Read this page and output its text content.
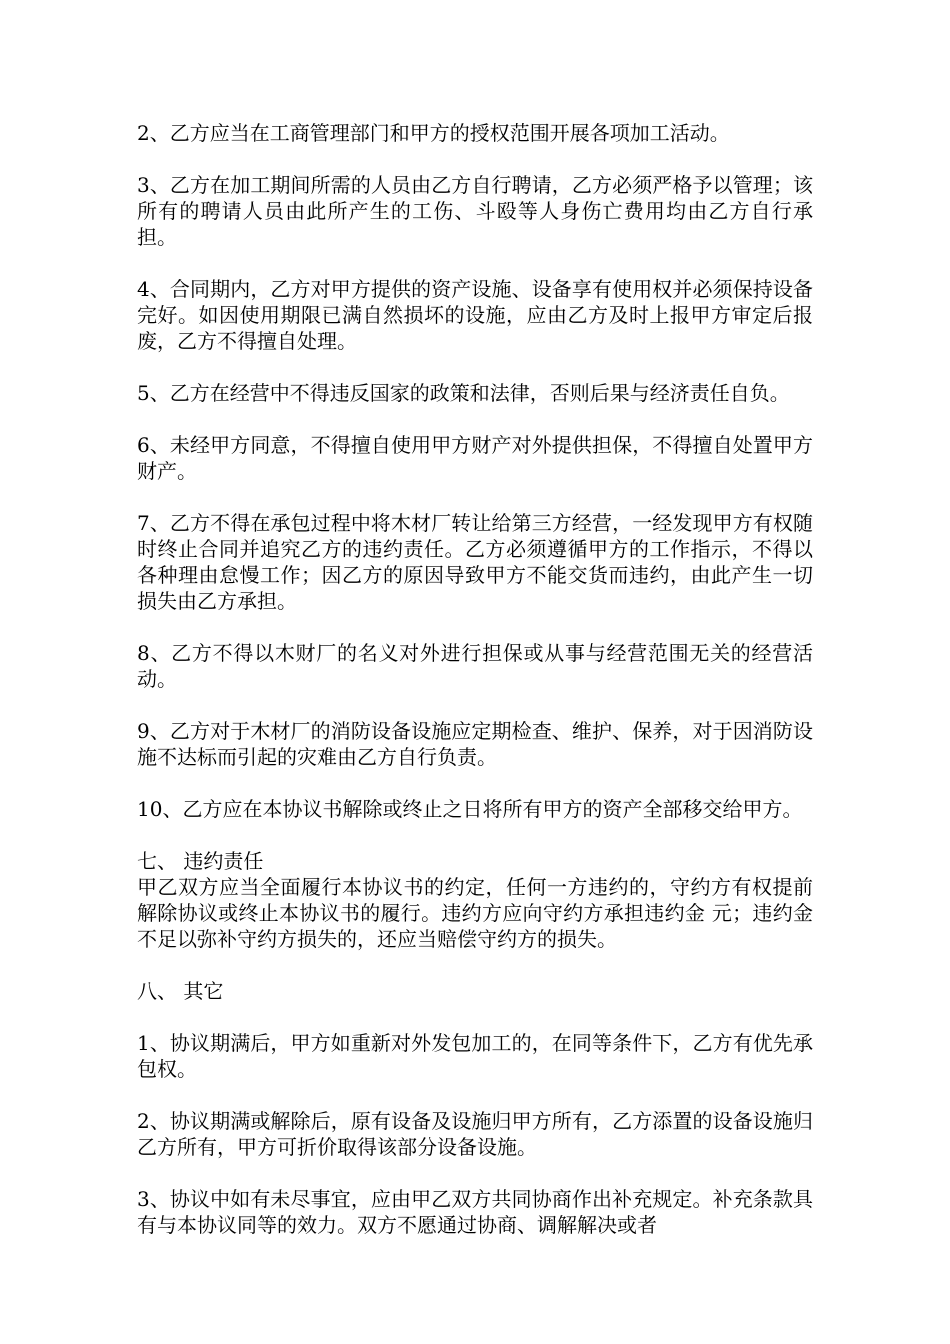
2、乙方应当在工商管理部门和甲方的授权范围开展各项加工活动。

3、乙方在加工期间所需的人员由乙方自行聘请，乙方必须严格予以管理；该所有的聘请人员由此所产生的工伤、斗殴等人身伤亡费用均由乙方自行承担。

4、合同期内，乙方对甲方提供的资产设施、设备享有使用权并必须保持设备完好。如因使用期限已满自然损坏的设施，应由乙方及时上报甲方审定后报废，乙方不得擅自处理。

5、乙方在经营中不得违反国家的政策和法律，否则后果与经济责任自负。

6、未经甲方同意，不得擅自使用甲方财产对外提供担保，不得擅自处置甲方财产。

7、乙方不得在承包过程中将木材厂转让给第三方经营，一经发现甲方有权随时终止合同并追究乙方的违约责任。乙方必须遵循甲方的工作指示，不得以各种理由怠慢工作；因乙方的原因导致甲方不能交货而违约，由此产生一切损失由乙方承担。

8、乙方不得以木财厂的名义对外进行担保或从事与经营范围无关的经营活动。

9、乙方对于木材厂的消防设备设施应定期检查、维护、保养，对于因消防设施不达标而引起的灾难由乙方自行负责。

10、乙方应在本协议书解除或终止之日将所有甲方的资产全部移交给甲方。

七、 违约责任

甲乙双方应当全面履行本协议书的约定，任何一方违约的，守约方有权提前解除协议或终止本协议书的履行。违约方应向守约方承担违约金 元；违约金不足以弥补守约方损失的，还应当赔偿守约方的损失。

八、 其它

1、协议期满后，甲方如重新对外发包加工的，在同等条件下，乙方有优先承包权。

2、协议期满或解除后，原有设备及设施归甲方所有，乙方添置的设备设施归乙方所有，甲方可折价取得该部分设备设施。

3、协议中如有未尽事宜，应由甲乙双方共同协商作出补充规定。补充条款具有与本协议同等的效力。双方不愿通过协商、调解解决或者
